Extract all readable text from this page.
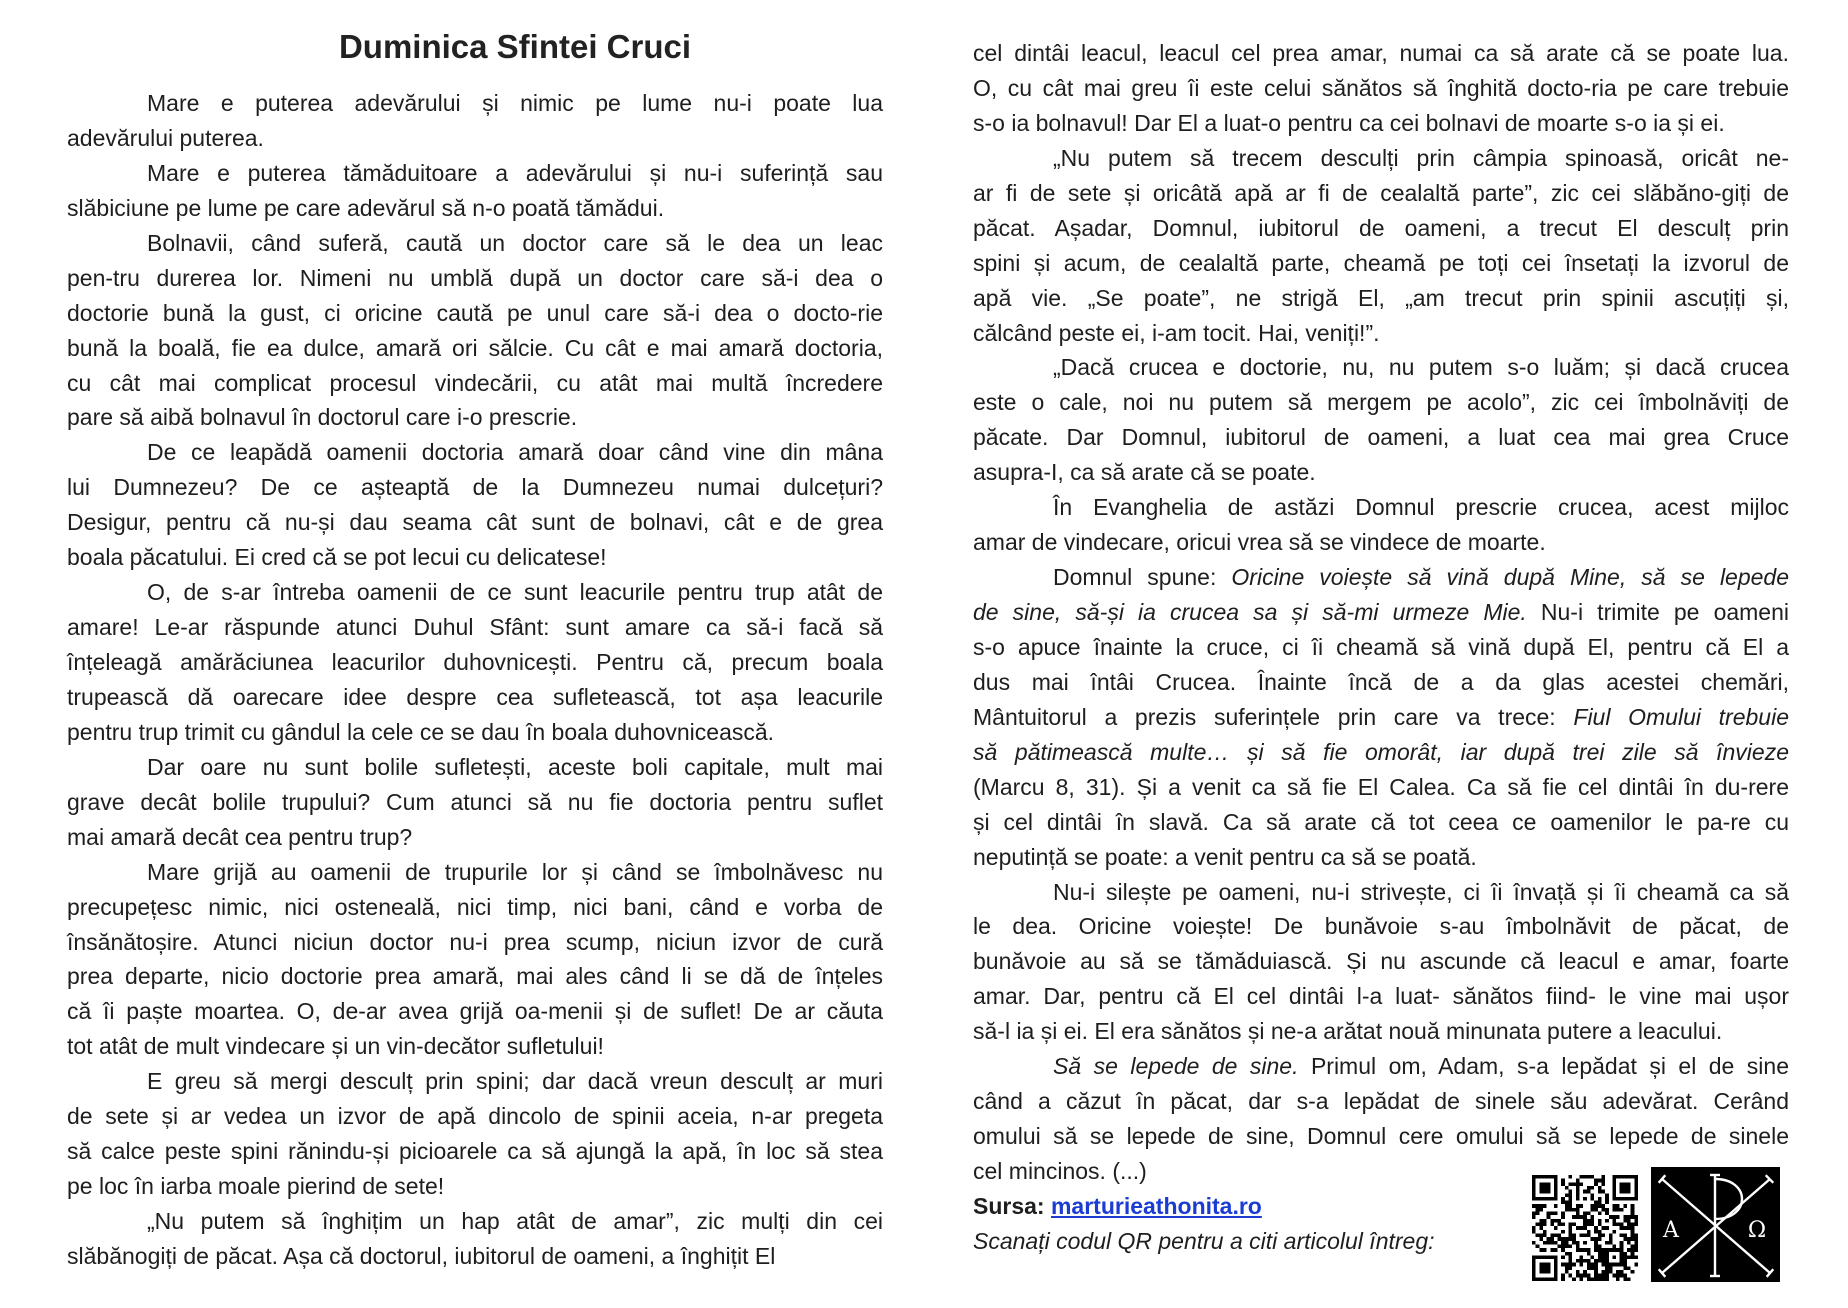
Duminica Sfintei Cruci
Mare e puterea adevărului și nimic pe lume nu-i poate lua
adevărului puterea.
Mare e puterea tămăduitoare a adevărului și nu-i suferință sau
slăbiciune pe lume pe care adevărul să n-o poată tămădui.
Bolnavii, când suferă, caută un doctor care să le dea un leac
pen-tru durerea lor. Nimeni nu umblă după un doctor care să-i dea o
doctorie bună la gust, ci oricine caută pe unul care să-i dea o docto-rie
bună la boală, fie ea dulce, amară ori sălcie. Cu cât e mai amară doctoria,
cu cât mai complicat procesul vindecării, cu atât mai multă încredere
pare să aibă bolnavul în doctorul care i-o prescrie.
De ce leapădă oamenii doctoria amară doar când vine din mâna
lui Dumnezeu? De ce așteaptă de la Dumnezeu numai dulcețuri?
Desigur, pentru că nu-și dau seama cât sunt de bolnavi, cât e de grea
boala păcatului. Ei cred că se pot lecui cu delicatese!
O, de s-ar întreba oamenii de ce sunt leacurile pentru trup atât de
amare! Le-ar răspunde atunci Duhul Sfânt: sunt amare ca să-i facă să
înțeleagă amărăciunea leacurilor duhovnicești. Pentru că, precum boala
trupească dă oarecare idee despre cea sufletească, tot așa leacurile
pentru trup trimit cu gândul la cele ce se dau în boala duhovnicească.
Dar oare nu sunt bolile sufletești, aceste boli capitale, mult mai
grave decât bolile trupului? Cum atunci să nu fie doctoria pentru suflet
mai amară decât cea pentru trup?
Mare grijă au oamenii de trupurile lor și când se îmbolnăvesc nu
precupețesc nimic, nici osteneală, nici timp, nici bani, când e vorba de
însănătoșire. Atunci niciun doctor nu-i prea scump, niciun izvor de cură
prea departe, nicio doctorie prea amară, mai ales când li se dă de înțeles
că îi paște moartea. O, de-ar avea grijă oa-menii și de suflet! De ar căuta
tot atât de mult vindecare și un vin-decător sufletului!
E greu să mergi desculț prin spini; dar dacă vreun desculț ar muri
de sete și ar vedea un izvor de apă dincolo de spinii aceia, n-ar pregeta
să calce peste spini rănindu-și picioarele ca să ajungă la apă, în loc să stea
pe loc în iarba moale pierind de sete!
„Nu putem să înghițim un hap atât de amar”, zic mulți din cei
slăbănogiți de păcat. Așa că doctorul, iubitorul de oameni, a înghițit El
cel dintâi leacul, leacul cel prea amar, numai ca să arate că se poate lua.
O, cu cât mai greu îi este celui sănătos să înghită docto-ria pe care trebuie
s-o ia bolnavul! Dar El a luat-o pentru ca cei bolnavi de moarte s-o ia și ei.
„Nu putem să trecem desculți prin câmpia spinoasă, oricât ne-
ar fi de sete și oricâtă apă ar fi de cealaltă parte”, zic cei slăbăno-giți de
păcat. Așadar, Domnul, iubitorul de oameni, a trecut El desculț prin
spini și acum, de cealaltă parte, cheamă pe toți cei însetați la izvorul de
apă vie. „Se poate”, ne strigă El, „am trecut prin spinii ascuțiți și,
călcând peste ei, i-am tocit. Hai, veniți!”.
„Dacă crucea e doctorie, nu, nu putem s-o luăm; și dacă crucea
este o cale, noi nu putem să mergem pe acolo”, zic cei îmbolnăviți de
păcate. Dar Domnul, iubitorul de oameni, a luat cea mai grea Cruce
asupra-I, ca să arate că se poate.
În Evanghelia de astăzi Domnul prescrie crucea, acest mijloc
amar de vindecare, oricui vrea să se vindece de moarte.
Domnul spune: Oricine voiește să vină după Mine, să se lepede
de sine, să-și ia crucea sa și să-mi urmeze Mie. Nu-i trimite pe oameni
s-o apuce înainte la cruce, ci îi cheamă să vină după El, pentru că El a
dus mai întâi Crucea. Înainte încă de a da glas acestei chemări,
Mântuitorul a prezis suferințele prin care va trece: Fiul Omului trebuie
să pătimească multe… și să fie omorât, iar după trei zile să învieze
(Marcu 8, 31). Și a venit ca să fie El Calea. Ca să fie cel dintâi în du-rere
și cel dintâi în slavă. Ca să arate că tot ceea ce oamenilor le pa-re cu
neputință se poate: a venit pentru ca să se poată.
Nu-i silește pe oameni, nu-i strivește, ci îi învață și îi cheamă ca să
le dea. Oricine voiește! De bunăvoie s-au îmbolnăvit de păcat, de
bunăvoie au să se tămăduiască. Și nu ascunde că leacul e amar, foarte
amar. Dar, pentru că El cel dintâi l-a luat- sănătos fiind- le vine mai ușor
să-l ia și ei. El era sănătos și ne-a arătat nouă minunata putere a leacului.
Să se lepede de sine. Primul om, Adam, s-a lepădat și el de sine
când a căzut în păcat, dar s-a lepădat de sinele său adevărat. Cerând
omului să se lepede de sine, Domnul cere omului să se lepede de sinele
cel mincinos. (...)
Sursa: marturieathonita.ro
Scanați codul QR pentru a citi articolul întreg:	Α	Ω
